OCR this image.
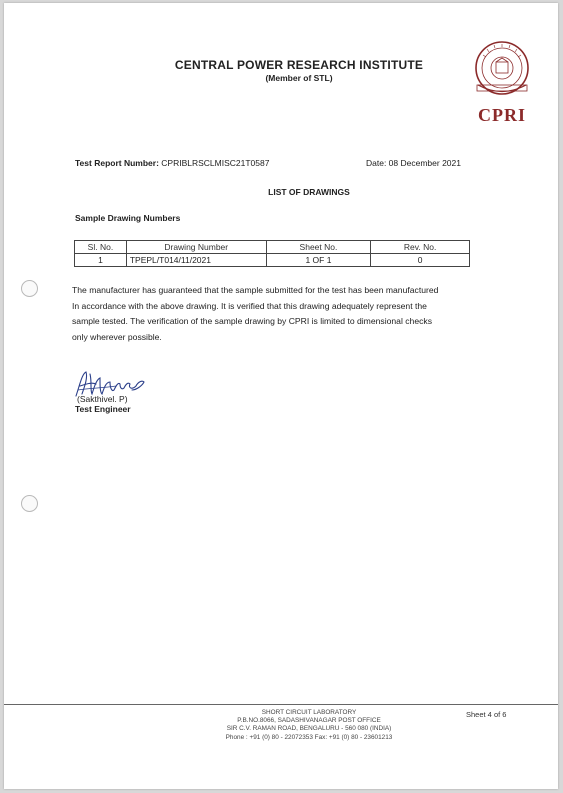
CENTRAL POWER RESEARCH INSTITUTE
(Member of STL)
CPRI
Test Report Number: CPRIBLRSCLMISC21T0587	Date: 08 December 2021
LIST OF DRAWINGS
Sample Drawing Numbers
Sl. No.	Drawing Number	Sheet No.	Rev. No.
1	TPEPL/T014/11/2021	1 OF 1	0
The manufacturer has guaranteed that the sample submitted for the test has been manufactured
In accordance with the above drawing. It is verified that this drawing adequately represent the
sample tested. The verification of the sample drawing by CPRI is limited to dimensional checks
only wherever possible.
(Sakthivel. P)
Test Engineer
SHORT CIRCUIT LABORATORY
P.B.NO.8066, SADASHIVANAGAR POST OFFICE
SIR C.V. RAMAN ROAD, BENGALURU - 560 080 (INDIA)
Phone : +91 (0) 80 - 22072353 Fax: +91 (0) 80 - 23601213
Sheet 4 of 6
